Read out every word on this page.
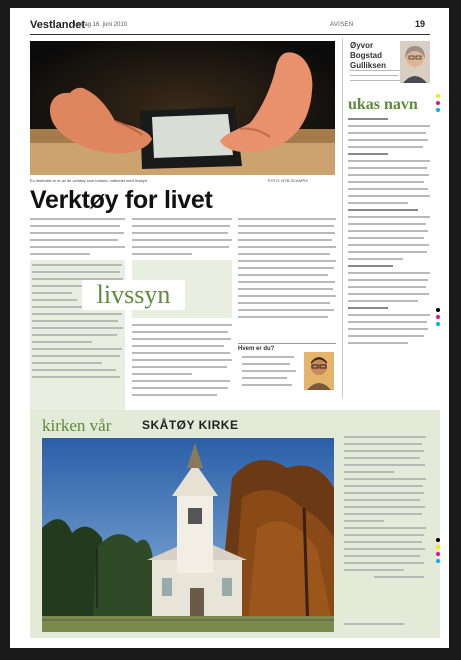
Vestlandet
lørdag 16. juni 2010	AVISEN	19
En lesebrett er et av de verktøy som brukes i arbeidet med livssyn	FOTO: NTB SCANPIX
Verktøy for livet
livssyn
Hvem er du?
Øyvor Bogstad Gulliksen
ukas navn
kirken vår	SKÅTØY KIRKE
